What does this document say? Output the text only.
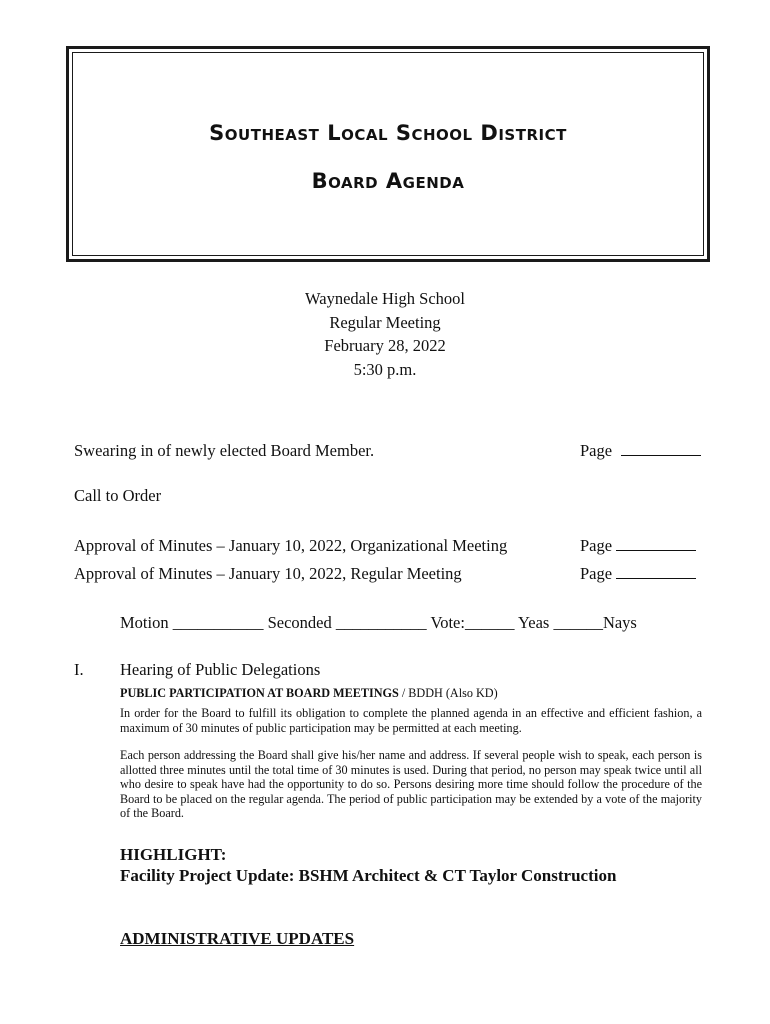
Southeast Local School District
Board Agenda
Waynedale High School
Regular Meeting
February 28, 2022
5:30 p.m.
Swearing in of newly elected Board Member.	Page
Call to Order
Approval of Minutes – January 10, 2022, Organizational Meeting	Page
Approval of Minutes – January 10, 2022, Regular Meeting	Page
Motion ___________ Seconded ___________ Vote:______ Yeas ______Nays
I. Hearing of Public Delegations
PUBLIC PARTICIPATION AT BOARD MEETINGS / BDDH (Also KD)
In order for the Board to fulfill its obligation to complete the planned agenda in an effective and efficient fashion, a maximum of 30 minutes of public participation may be permitted at each meeting.
Each person addressing the Board shall give his/her name and address. If several people wish to speak, each person is allotted three minutes until the total time of 30 minutes is used. During that period, no person may speak twice until all who desire to speak have had the opportunity to do so. Persons desiring more time should follow the procedure of the Board to be placed on the regular agenda. The period of public participation may be extended by a vote of the majority of the Board.
HIGHLIGHT:
Facility Project Update: BSHM Architect & CT Taylor Construction
ADMINISTRATIVE UPDATES
